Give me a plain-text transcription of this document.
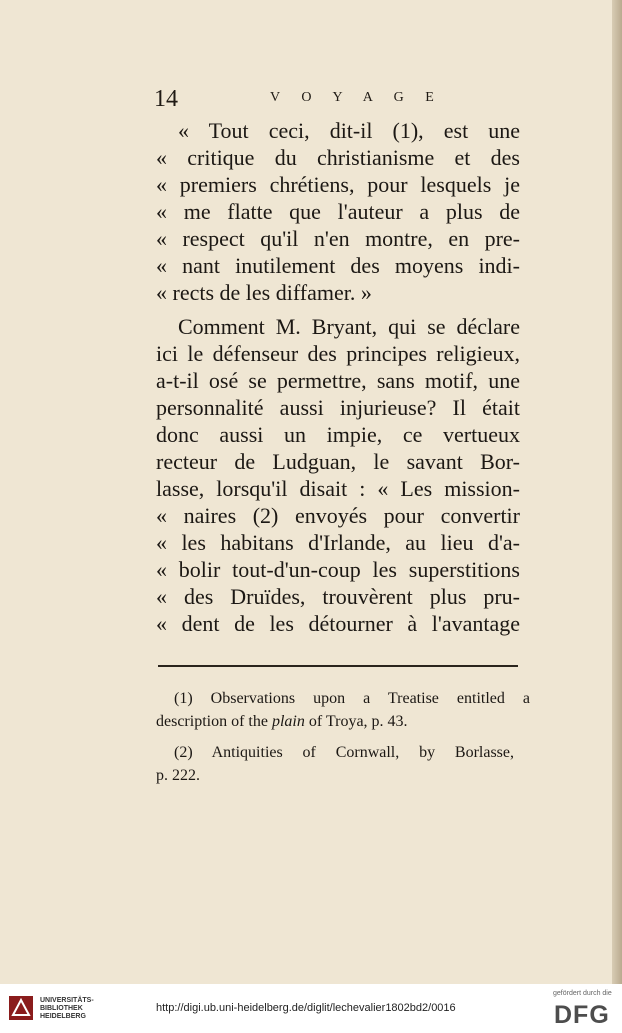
14	V O Y A G E
« Tout ceci, dit-il (1), est une
« critique du christianisme et des
« premiers chrétiens, pour lesquels je
« me flatte que l'auteur a plus de
« respect qu'il n'en montre, en pre-
« nant inutilement des moyens indi-
« rects de les diffamer. »
Comment M. Bryant, qui se déclare
ici le défenseur des principes religieux,
a-t-il osé se permettre, sans motif, une
personnalité aussi injurieuse? Il était
donc aussi un impie, ce vertueux
recteur de Ludguan, le savant Bor-
lasse, lorsqu'il disait : « Les mission-
« naires (2) envoyés pour convertir
« les habitans d'Irlande, au lieu d'a-
« bolir tout-d'un-coup les superstitions
« des Druïdes, trouvèrent plus pru-
« dent de les détourner à l'avantage
(1) Observations upon a Treatise entitled a
description of the plain of Troya, p. 43.
(2) Antiquities of Cornwall, by Borlasse,
p. 222.
UNIVERSITÄTS-
BIBLIOTHEK
HEIDELBERG
http://digi.ub.uni-heidelberg.de/diglit/lechevalier1802bd2/0016
gefördert durch die
DFG
